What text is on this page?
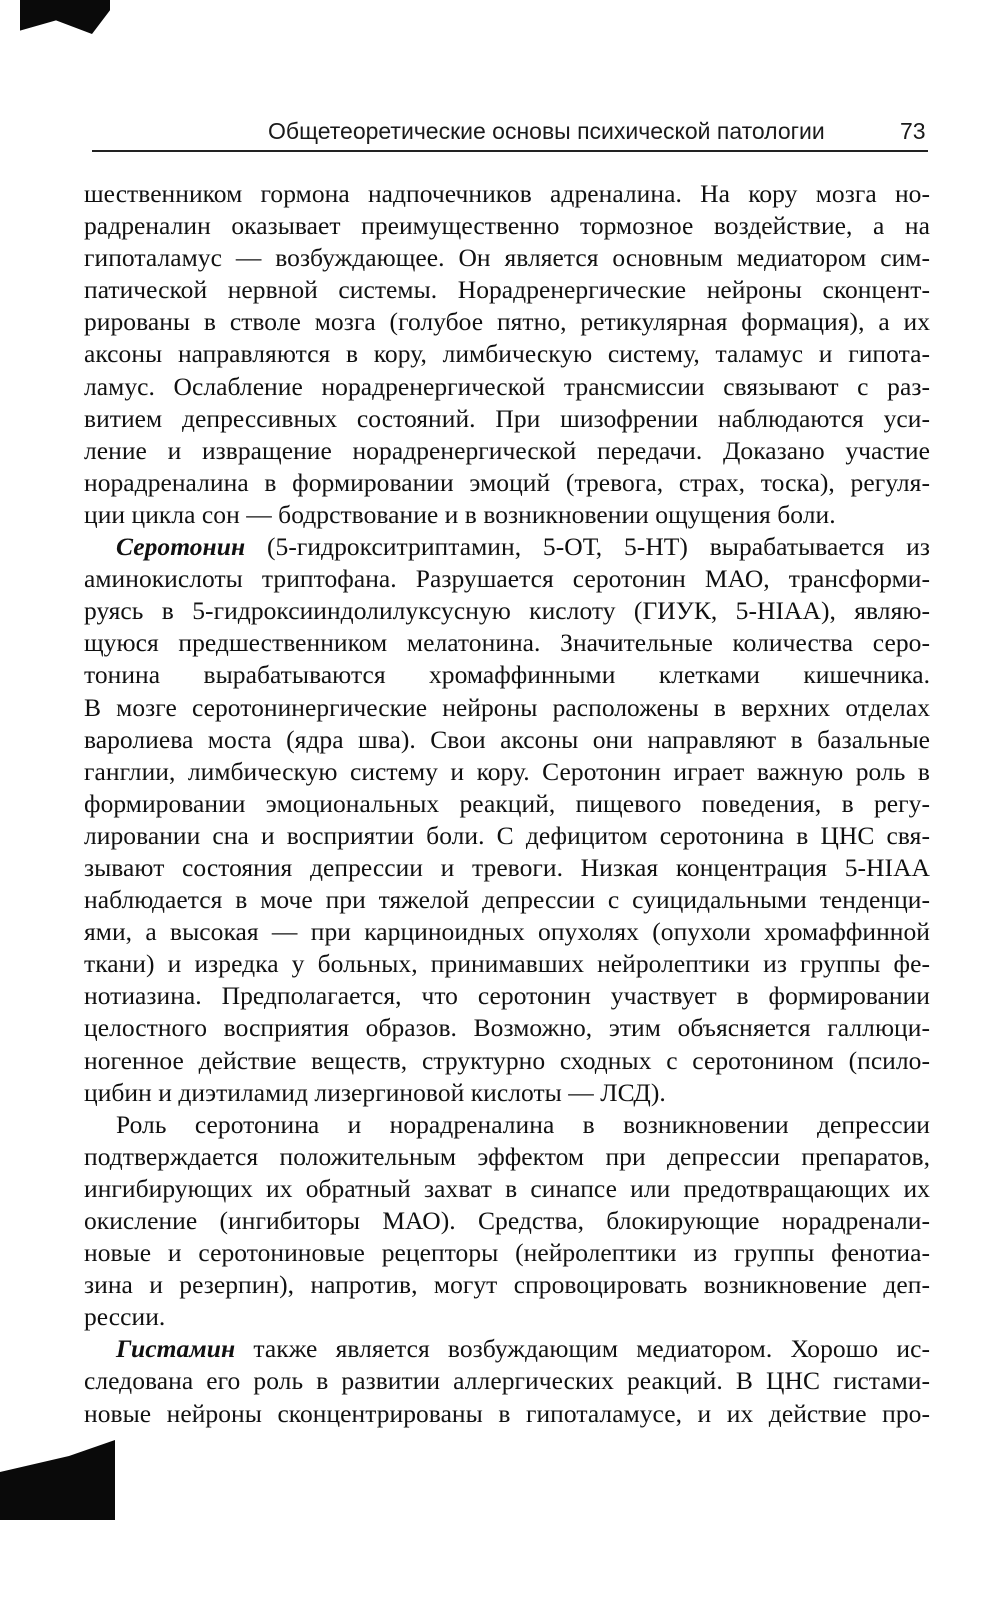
Общетеоретические основы психической патологии	73
шественником гормона надпочечников адреналина. На кору мозга но-
радреналин оказывает преимущественно тормозное воздействие, а на
гипоталамус — возбуждающее. Он является основным медиатором сим-
патической нервной системы. Норадренергические нейроны сконцент-
рированы в стволе мозга (голубое пятно, ретикулярная формация), а их
аксоны направляются в кору, лимбическую систему, таламус и гипота-
ламус. Ослабление норадренергической трансмиссии связывают с раз-
витием депрессивных состояний. При шизофрении наблюдаются уси-
ление и извращение норадренергической передачи. Доказано участие
норадреналина в формировании эмоций (тревога, страх, тоска), регуля-
ции цикла сон — бодрствование и в возникновении ощущения боли.
Серотонин (5-гидрокситриптамин, 5-ОТ, 5-НТ) вырабатывается из
аминокислоты триптофана. Разрушается серотонин МАО, трансформи-
руясь в 5-гидроксииндолилуксусную кислоту (ГИУК, 5-HIAA), являю-
щуюся предшественником мелатонина. Значительные количества серо-
тонина вырабатываются хромаффинными клетками кишечника.
В мозге серотонинергические нейроны расположены в верхних отделах
варолиева моста (ядра шва). Свои аксоны они направляют в базальные
ганглии, лимбическую систему и кору. Серотонин играет важную роль в
формировании эмоциональных реакций, пищевого поведения, в регу-
лировании сна и восприятии боли. С дефицитом серотонина в ЦНС свя-
зывают состояния депрессии и тревоги. Низкая концентрация 5-HIAA
наблюдается в моче при тяжелой депрессии с суицидальными тенденци-
ями, а высокая — при карциноидных опухолях (опухоли хромаффинной
ткани) и изредка у больных, принимавших нейролептики из группы фе-
нотиазина. Предполагается, что серотонин участвует в формировании
целостного восприятия образов. Возможно, этим объясняется галлюци-
ногенное действие веществ, структурно сходных с серотонином (псило-
цибин и диэтиламид лизергиновой кислоты — ЛСД).
Роль серотонина и норадреналина в возникновении депрессии
подтверждается положительным эффектом при депрессии препаратов,
ингибирующих их обратный захват в синапсе или предотвращающих их
окисление (ингибиторы МАО). Средства, блокирующие норадренали-
новые и серотониновые рецепторы (нейролептики из группы фенотиа-
зина и резерпин), напротив, могут спровоцировать возникновение деп-
рессии.
Гистамин также является возбуждающим медиатором. Хорошо ис-
следована его роль в развитии аллергических реакций. В ЦНС гистами-
новые нейроны сконцентрированы в гипоталамусе, и их действие про-
